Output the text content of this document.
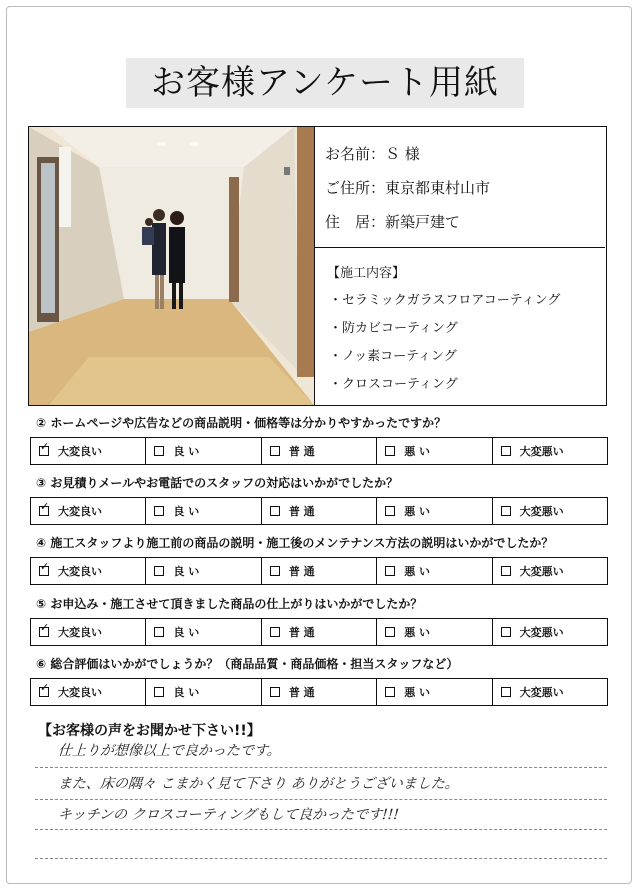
お客様アンケート用紙
お名前：Ｓ 様
ご住所：東京都東村山市
住　居：新築戸建て
【施工内容】
・セラミックガラスフロアコーティング
・防カビコーティング
・ノッ素コーティング
・クロスコーティング
② ホームページや広告などの商品説明・価格等は分かりやすかったですか？
✓
大変良い	良 い	普 通	悪 い	大変悪い
③ お見積りメールやお電話でのスタッフの対応はいかがでしたか？
✓
大変良い	良 い	普 通	悪 い	大変悪い
④ 施工スタッフより施工前の商品の説明・施工後のメンテナンス方法の説明はいかがでしたか？
✓
大変良い	良 い	普 通	悪 い	大変悪い
⑤ お申込み・施工させて頂きました商品の仕上がりはいかがでしたか？
✓
大変良い	良 い	普 通	悪 い	大変悪い
⑥ 総合評価はいかがでしょうか？（商品品質・商品価格・担当スタッフなど）
✓
大変良い	良 い	普 通	悪 い	大変悪い
【お客様の声をお聞かせ下さい!!】
仕上りが想像以上で良かったです。
また、床の隅々 こまかく見て下さり ありがとうございました。
キッチンの クロスコーティングもして良かったです!!!
